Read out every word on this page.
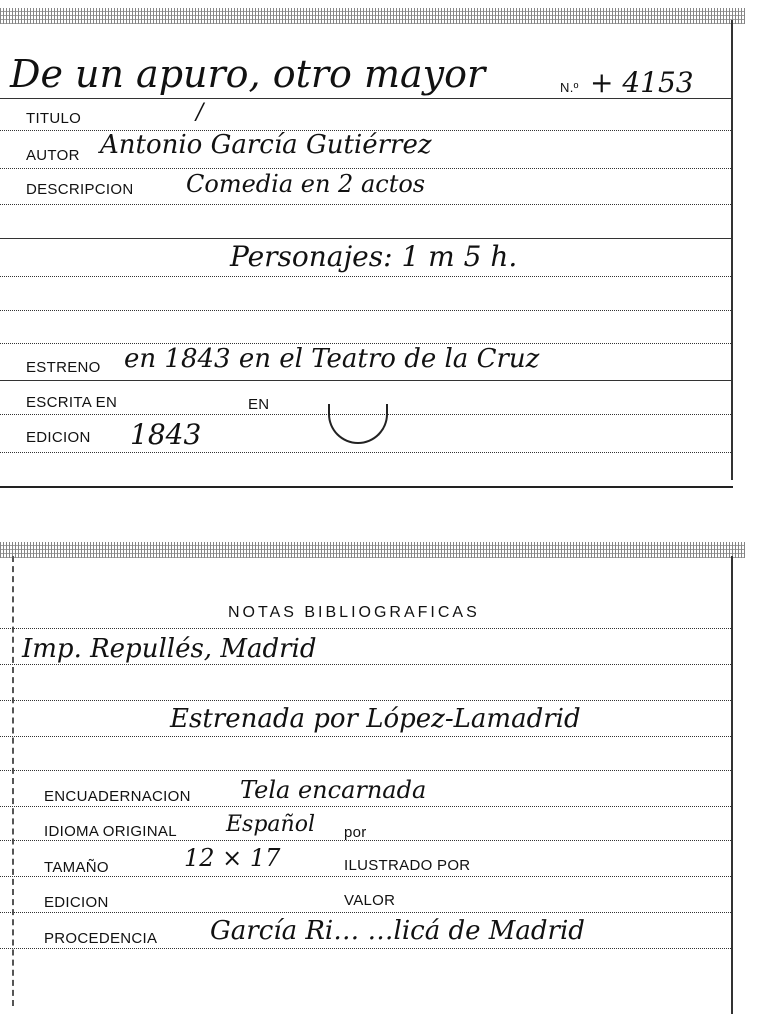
De un apuro, otro mayor	N.º + 4153
TITULO	/
AUTOR Antonio García Gutiérrez
DESCRIPCION Comedia en 2 actos
Personajes: 1 m 5 h.
ESTRENO en 1843 en el Teatro de la Cruz
ESCRITA EN	EN
EDICION 1843
NOTAS BIBLIOGRAFICAS
Imp. Repullés, Madrid
Estrenada por López-Lamadrid
ENCUADERNACION Tela encarnada
IDIOMA ORIGINAL Español por
TAMAÑO	12 × 17	ILUSTRADO POR
EDICION	VALOR
PROCEDENCIA García Ri… …licá de Madrid
